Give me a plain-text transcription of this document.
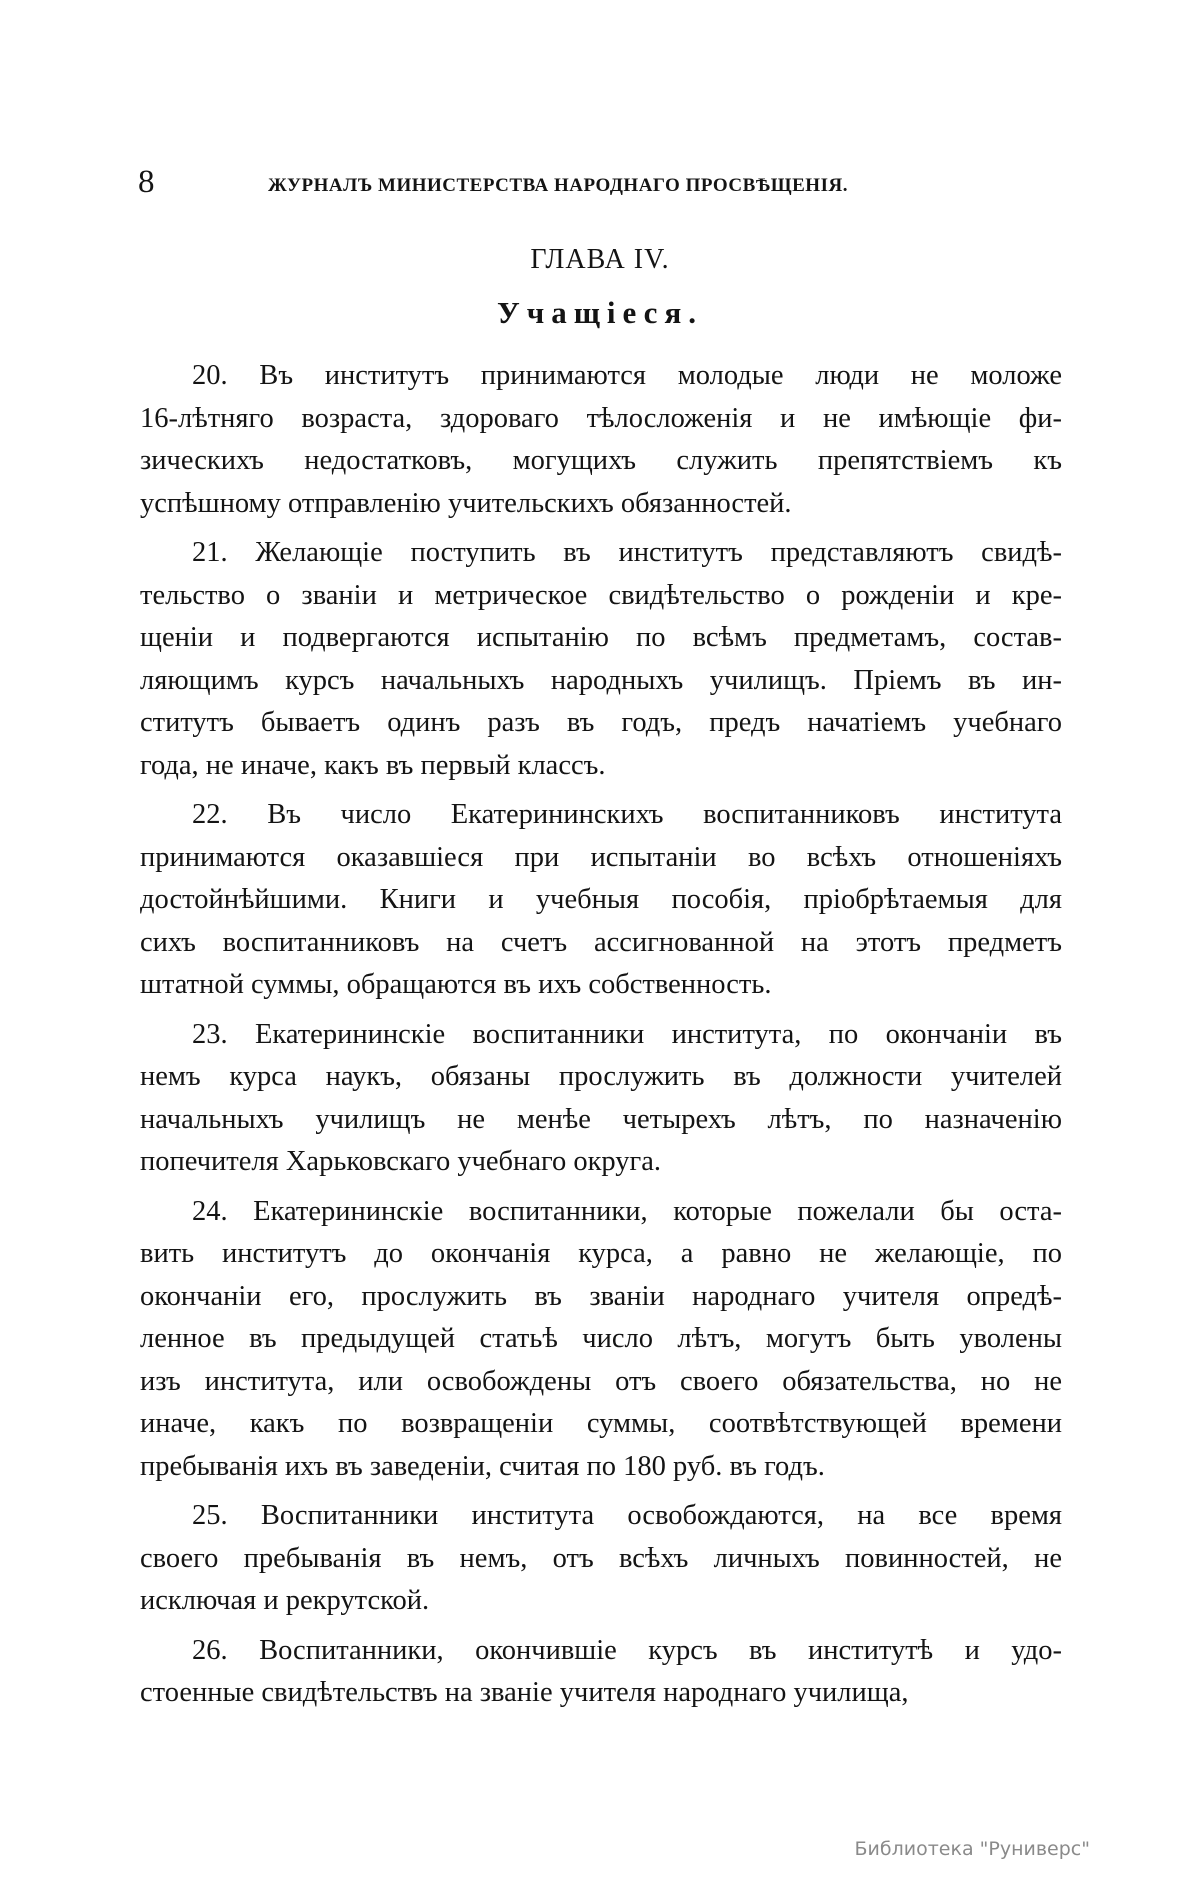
8	ЖУРНАЛЪ МИНИСТЕРСТВА НАРОДНАГО ПРОСВѢЩЕНІЯ.
ГЛАВА IV.
Учащіеся.
20. Въ институтъ принимаются молодые люди не моложе
16-лѣтняго возраста, здороваго тѣлосложенія и не имѣющіе фи-
зическихъ недостатковъ, могущихъ служить препятствіемъ къ
успѣшному отправленію учительскихъ обязанностей.
21. Желающіе поступить въ институтъ представляютъ свидѣ-
тельство о званіи и метрическое свидѣтельство о рожденіи и кре-
щеніи и подвергаются испытанію по всѣмъ предметамъ, состав-
ляющимъ курсъ начальныхъ народныхъ училищъ. Пріемъ въ ин-
ститутъ бываетъ одинъ разъ въ годъ, предъ начатіемъ учебнаго
года, не иначе, какъ въ первый классъ.
22. Въ число Екатерининскихъ воспитанниковъ института
принимаются оказавшіеся при испытаніи во всѣхъ отношеніяхъ
достойнѣйшими. Книги и учебныя пособія, пріобрѣтаемыя для
сихъ воспитанниковъ на счетъ ассигнованной на этотъ предметъ
штатной суммы, обращаются въ ихъ собственность.
23. Екатерининскіе воспитанники института, по окончаніи въ
немъ курса наукъ, обязаны прослужить въ должности учителей
начальныхъ училищъ не менѣе четырехъ лѣтъ, по назначенію
попечителя Харьковскаго учебнаго округа.
24. Екатерининскіе воспитанники, которые пожелали бы оста-
вить институтъ до окончанія курса, а равно не желающіе, по
окончаніи его, прослужить въ званіи народнаго учителя опредѣ-
ленное въ предыдущей статьѣ число лѣтъ, могутъ быть уволены
изъ института, или освобождены отъ своего обязательства, но не
иначе, какъ по возвращеніи суммы, соотвѣтствующей времени
пребыванія ихъ въ заведеніи, считая по 180 руб. въ годъ.
25. Воспитанники института освобождаются, на все время
своего пребыванія въ немъ, отъ всѣхъ личныхъ повинностей, не
исключая и рекрутской.
26. Воспитанники, окончившіе курсъ въ институтѣ и удо-
стоенные свидѣтельствъ на званіе учителя народнаго училища,
Библиотека "Руниверс"
